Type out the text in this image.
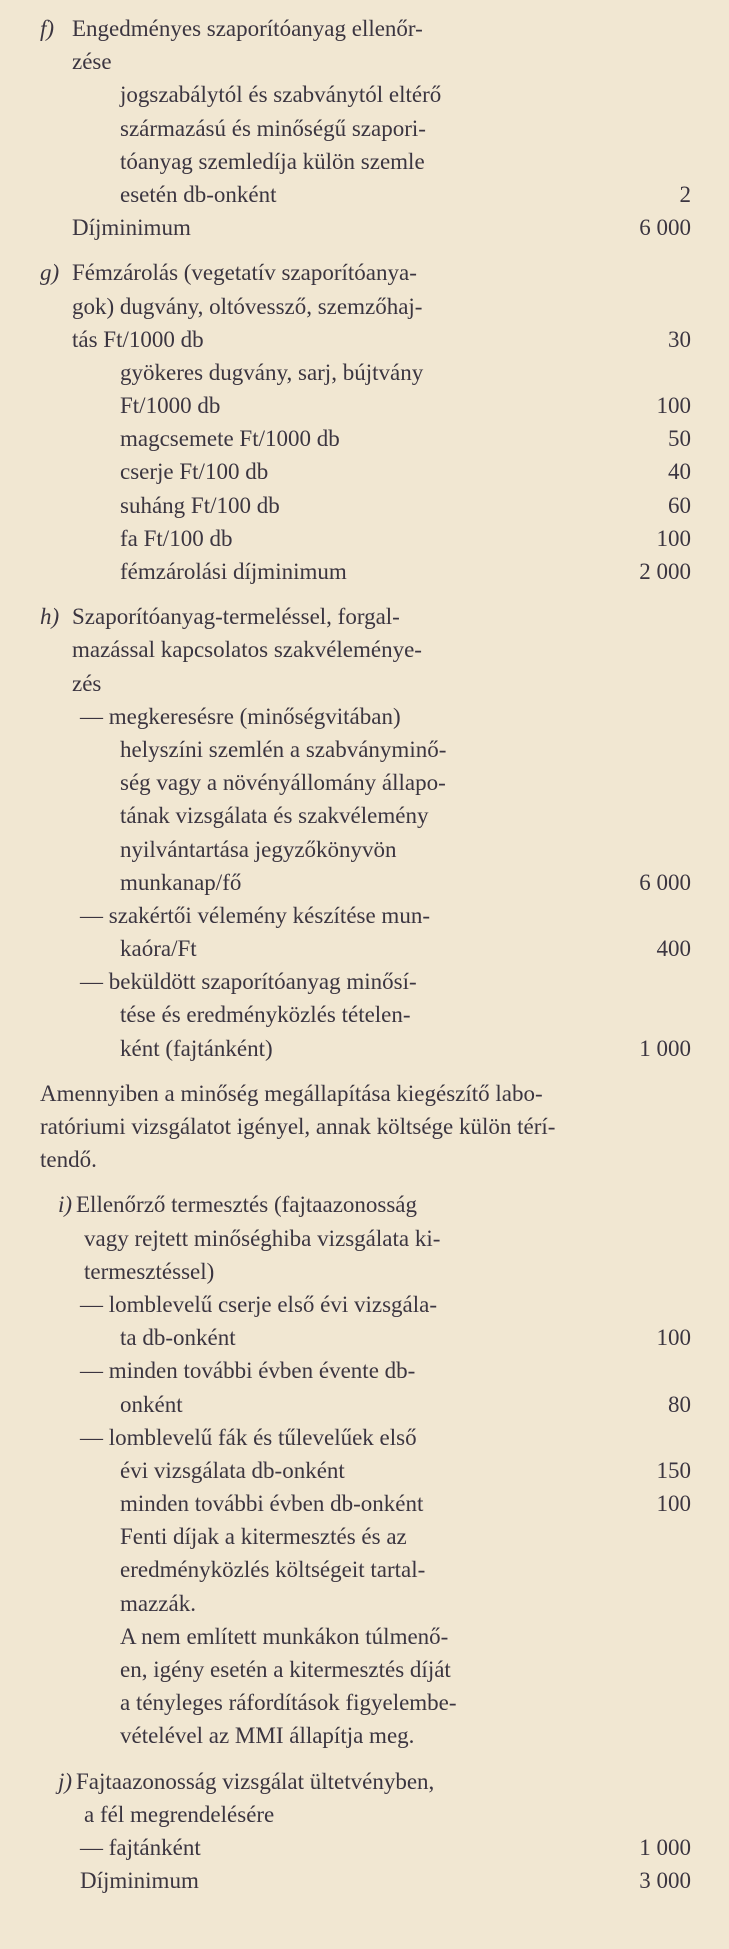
f) Engedményes szaporítóanyag ellenőr-
zése
jogszabálytól és szabványtól eltérő
származású és minőségű szapori-
tóanyag szemledíja külön szemle
esetén db-onként	2
Díjminimum	6 000
g) Fémzárolás (vegetatív szaporítóanya-
gok) dugvány, oltóvessző, szemzőhaj-
tás Ft/1000 db	30
gyökeres dugvány, sarj, bújtvány
Ft/1000 db	100
magcsemete Ft/1000 db	50
cserje Ft/100 db	40
suháng Ft/100 db	60
fa Ft/100 db	100
fémzárolási díjminimum	2 000
h) Szaporítóanyag-termeléssel, forgal-
mazással kapcsolatos szakvéleménye-
zés
— megkeresésre (minőségvitában)
helyszíni szemlén a szabványminő-
ség vagy a növényállomány állapo-
tának vizsgálata és szakvélemény
nyilvántartása jegyzőkönyvön
munkanap/fő	6 000
— szakértői vélemény készítése mun-
kaóra/Ft	400
— beküldött szaporítóanyag minősí-
tése és eredményközlés tételen-
ként (fajtánként)	1 000
Amennyiben a minőség megállapítása kiegészítő labo-
ratóriumi vizsgálatot igényel, annak költsége külön térí-
tendő.
i) Ellenőrző termesztés (fajtaazonosság
vagy rejtett minőséghiba vizsgálata ki-
termesztéssel)
— lomblevelű cserje első évi vizsgála-
ta db-onként	100
— minden további évben évente db-
onként	80
— lomblevelű fák és tűlevelűek első
évi vizsgálata db-onként	150
minden további évben db-onként	100
Fenti díjak a kitermesztés és az
eredményközlés költségeit tartal-
mazzák.
A nem említett munkákon túlmenő-
en, igény esetén a kitermesztés díját
a tényleges ráfordítások figyelembe-
vételével az MMI állapítja meg.
j) Fajtaazonosság vizsgálat ültetvényben,
a fél megrendelésére
— fajtánként	1 000
Díjminimum	3 000
